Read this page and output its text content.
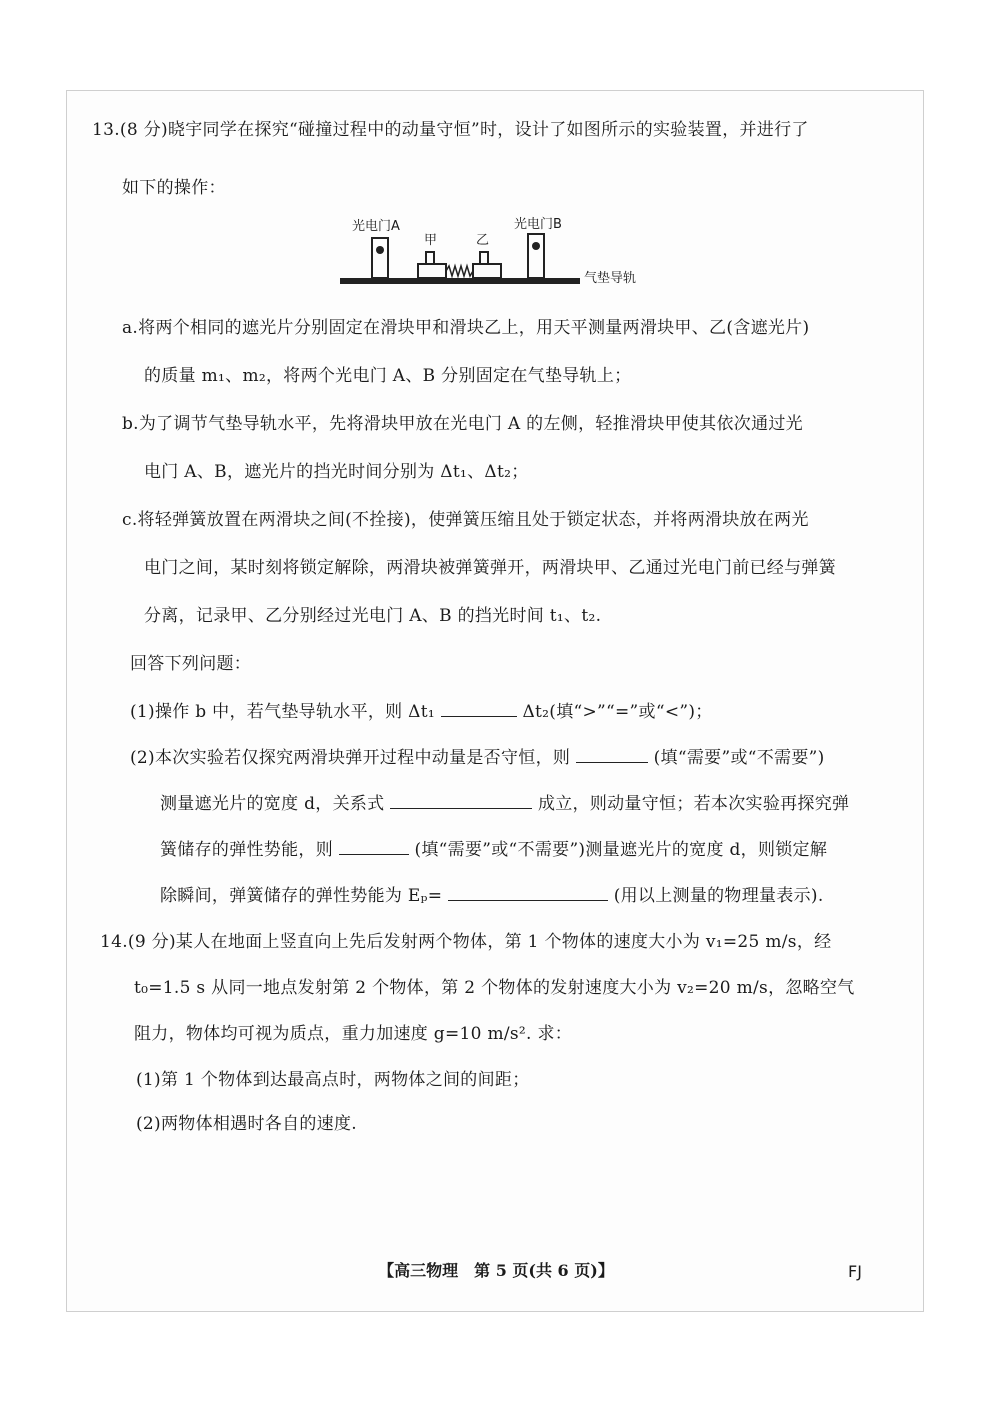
13.(8 分)晓宇同学在探究“碰撞过程中的动量守恒”时，设计了如图所示的实验装置，并进行了
如下的操作：
光电门A
甲	乙
光电门B
气垫导轨
a.将两个相同的遮光片分别固定在滑块甲和滑块乙上，用天平测量两滑块甲、乙(含遮光片)
的质量 m₁、m₂，将两个光电门 A、B 分别固定在气垫导轨上；
b.为了调节气垫导轨水平，先将滑块甲放在光电门 A 的左侧，轻推滑块甲使其依次通过光
电门 A、B，遮光片的挡光时间分别为 Δt₁、Δt₂；
c.将轻弹簧放置在两滑块之间(不拴接)，使弹簧压缩且处于锁定状态，并将两滑块放在两光
电门之间，某时刻将锁定解除，两滑块被弹簧弹开，两滑块甲、乙通过光电门前已经与弹簧
分离，记录甲、乙分别经过光电门 A、B 的挡光时间 t₁、t₂.
回答下列问题：
(1)操作 b 中，若气垫导轨水平，则 Δt₁	Δt₂(填“>”“=”或“<”)；
(2)本次实验若仅探究两滑块弹开过程中动量是否守恒，则	(填“需要”或“不需要”)
测量遮光片的宽度 d，关系式	成立，则动量守恒；若本次实验再探究弹
簧储存的弹性势能，则	(填“需要”或“不需要”)测量遮光片的宽度 d，则锁定解
除瞬间，弹簧储存的弹性势能为 Eₚ=	(用以上测量的物理量表示).
14.(9 分)某人在地面上竖直向上先后发射两个物体，第 1 个物体的速度大小为 v₁=25 m/s，经
t₀=1.5 s 从同一地点发射第 2 个物体，第 2 个物体的发射速度大小为 v₂=20 m/s，忽略空气
阻力，物体均可视为质点，重力加速度 g=10 m/s². 求：
(1)第 1 个物体到达最高点时，两物体之间的间距；
(2)两物体相遇时各自的速度.
【高三物理　第 5 页(共 6 页)】	FJ
